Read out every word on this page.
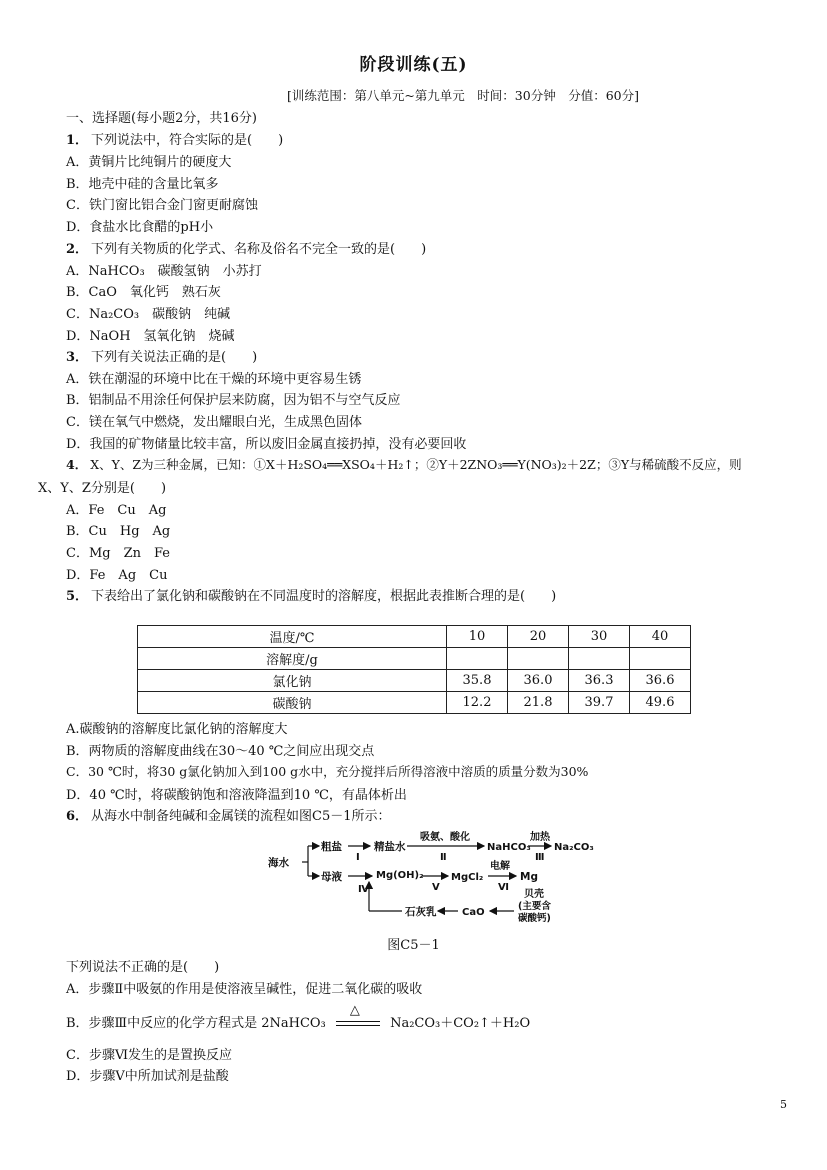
阶段训练(五)
[训练范围：第八单元~第九单元　时间：30分钟　分值：60分]
一、选择题(每小题2分，共16分)
1． 下列说法中，符合实际的是(　　)
A．黄铜片比纯铜片的硬度大
B．地壳中硅的含量比氧多
C．铁门窗比铝合金门窗更耐腐蚀
D．食盐水比食醋的pH小
2． 下列有关物质的化学式、名称及俗名不完全一致的是(　　)
A．NaHCO₃　碳酸氢钠　小苏打
B．CaO　氧化钙　熟石灰
C．Na₂CO₃　碳酸钠　纯碱
D．NaOH　氢氧化钠　烧碱
3． 下列有关说法正确的是(　　)
A．铁在潮湿的环境中比在干燥的环境中更容易生锈
B．铝制品不用涂任何保护层来防腐，因为铝不与空气反应
C．镁在氧气中燃烧，发出耀眼白光，生成黑色固体
D．我国的矿物储量比较丰富，所以废旧金属直接扔掉，没有必要回收
4． X、Y、Z为三种金属，已知：①X＋H₂SO₄══XSO₄＋H₂↑；②Y＋2ZNO₃══Y(NO₃)₂＋2Z；③Y与稀硫酸不反应，则
X、Y、Z分别是(　　)
A．Fe　Cu　Ag
B．Cu　Hg　Ag
C．Mg　Zn　Fe
D．Fe　Ag　Cu
5． 下表给出了氯化钠和碳酸钠在不同温度时的溶解度，根据此表推断合理的是(　　)
温度/℃	10	20	30	40
溶解度/g				
氯化钠	35.8	36.0	36.3	36.6
碳酸钠	12.2	21.8	39.7	49.6
A.碳酸钠的溶解度比氯化钠的溶解度大
B．两物质的溶解度曲线在30～40 ℃之间应出现交点
C．30 ℃时，将30 g氯化钠加入到100 g水中，充分搅拌后所得溶液中溶质的质量分数为30%
D．40 ℃时，将碳酸钠饱和溶液降温到10 ℃，有晶体析出
6． 从海水中制备纯碱和金属镁的流程如图C5－1所示：
海水
粗盐	精盐水
吸氨、酸化
NaHCO₃
加热
Na₂CO₃
母液	Mg(OH)₂	MgCl₂
电解
Mg
贝壳
(主要含
碳酸钙)
CaO
石灰乳
Ⅰ	Ⅱ	Ⅲ
Ⅳ	Ⅴ	Ⅵ
图C5－1
下列说法不正确的是(　　)
A．步骤Ⅱ中吸氨的作用是使溶液呈碱性，促进二氧化碳的吸收
B．步骤Ⅲ中反应的化学方程式是 2NaHCO₃
△
Na₂CO₃＋CO₂↑＋H₂O
C．步骤Ⅵ发生的是置换反应
D．步骤Ⅴ中所加试剂是盐酸
5
